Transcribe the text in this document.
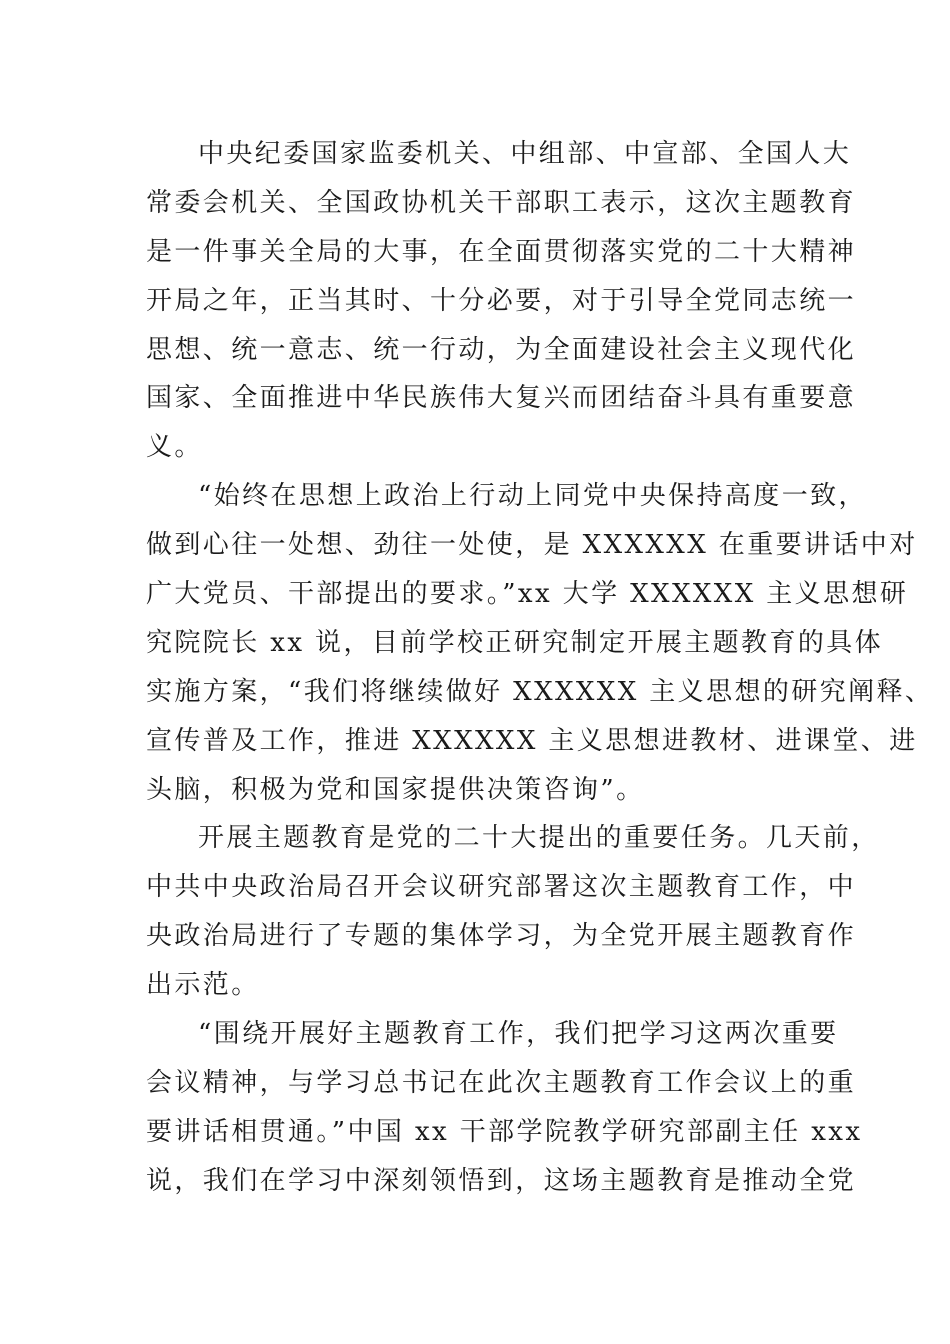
中央纪委国家监委机关、中组部、中宣部、全国人大
常委会机关、全国政协机关干部职工表示，这次主题教育
是一件事关全局的大事，在全面贯彻落实党的二十大精神
开局之年，正当其时、十分必要，对于引导全党同志统一
思想、统一意志、统一行动，为全面建设社会主义现代化
国家、全面推进中华民族伟大复兴而团结奋斗具有重要意
义。
“始终在思想上政治上行动上同党中央保持高度一致，
做到心往一处想、劲往一处使，是 XXXXXX 在重要讲话中对
广大党员、干部提出的要求。”xx 大学 XXXXXX 主义思想研
究院院长 xx 说，目前学校正研究制定开展主题教育的具体
实施方案，“我们将继续做好 XXXXXX 主义思想的研究阐释、
宣传普及工作，推进 XXXXXX 主义思想进教材、进课堂、进
头脑，积极为党和国家提供决策咨询”。
开展主题教育是党的二十大提出的重要任务。几天前，
中共中央政治局召开会议研究部署这次主题教育工作，中
央政治局进行了专题的集体学习，为全党开展主题教育作
出示范。
“围绕开展好主题教育工作，我们把学习这两次重要
会议精神，与学习总书记在此次主题教育工作会议上的重
要讲话相贯通。”中国 xx 干部学院教学研究部副主任 xxx
说，我们在学习中深刻领悟到，这场主题教育是推动全党
